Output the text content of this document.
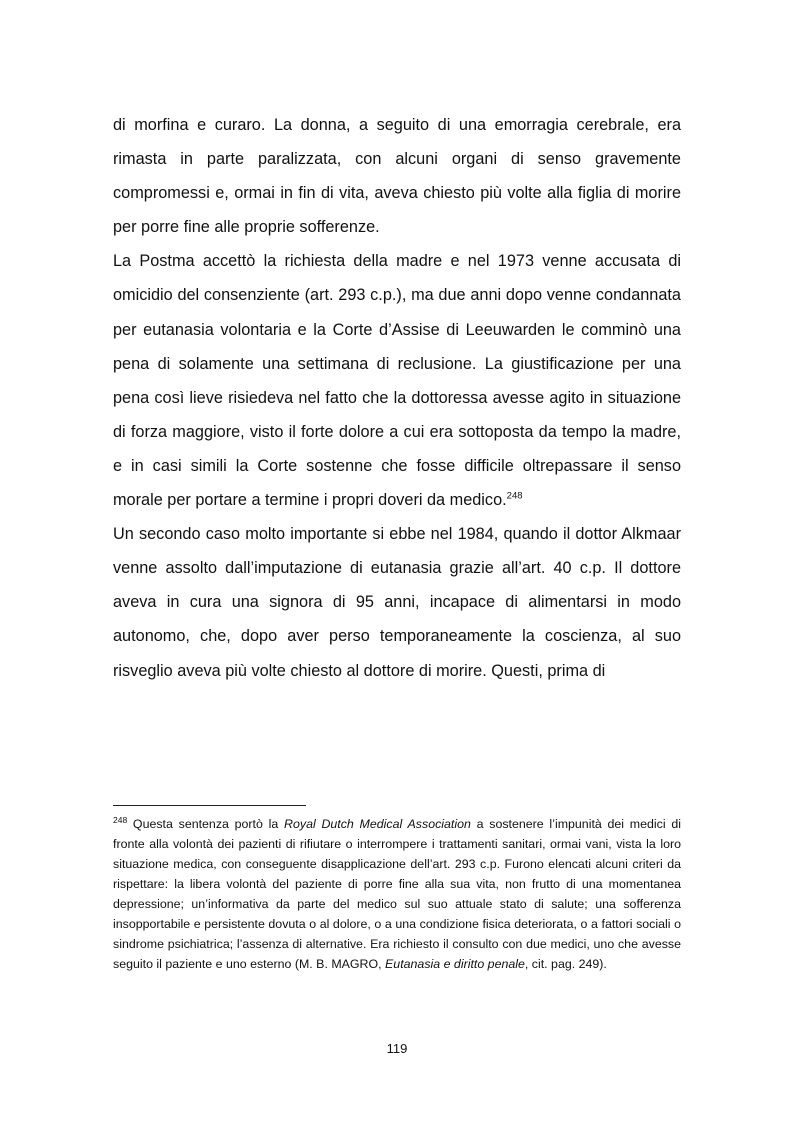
di morfina e curaro. La donna, a seguito di una emorragia cerebrale, era rimasta in parte paralizzata, con alcuni organi di senso gravemente compromessi e, ormai in fin di vita, aveva chiesto più volte alla figlia di morire per porre fine alle proprie sofferenze.

La Postma accettò la richiesta della madre e nel 1973 venne accusata di omicidio del consenziente (art. 293 c.p.), ma due anni dopo venne condannata per eutanasia volontaria e la Corte d’Assise di Leeuwarden le comminò una pena di solamente una settimana di reclusione. La giustificazione per una pena così lieve risiedeva nel fatto che la dottoressa avesse agito in situazione di forza maggiore, visto il forte dolore a cui era sottoposta da tempo la madre, e in casi simili la Corte sostenne che fosse difficile oltrepassare il senso morale per portare a termine i propri doveri da medico.$^{248}$

Un secondo caso molto importante si ebbe nel 1984, quando il dottor Alkmaar venne assolto dall’imputazione di eutanasia grazie all’art. 40 c.p. Il dottore aveva in cura una signora di 95 anni, incapace di alimentarsi in modo autonomo, che, dopo aver perso temporaneamente la coscienza, al suo risveglio aveva più volte chiesto al dottore di morire. Questi, prima di

$^{248}$ Questa sentenza portò la Royal Dutch Medical Association a sostenere l’impunità dei medici di fronte alla volontà dei pazienti di rifiutare o interrompere i trattamenti sanitari, ormai vani, vista la loro situazione medica, con conseguente disapplicazione dell’art. 293 c.p. Furono elencati alcuni criteri da rispettare: la libera volontà del paziente di porre fine alla sua vita, non frutto di una momentanea depressione; un’informativa da parte del medico sul suo attuale stato di salute; una sofferenza insopportabile e persistente dovuta o al dolore, o a una condizione fisica deteriorata, o a fattori sociali o sindrome psichiatrica; l’assenza di alternative. Era richiesto il consulto con due medici, uno che avesse seguito il paziente e uno esterno (M. B. MAGRO, Eutanasia e diritto penale, cit. pag. 249).

119
